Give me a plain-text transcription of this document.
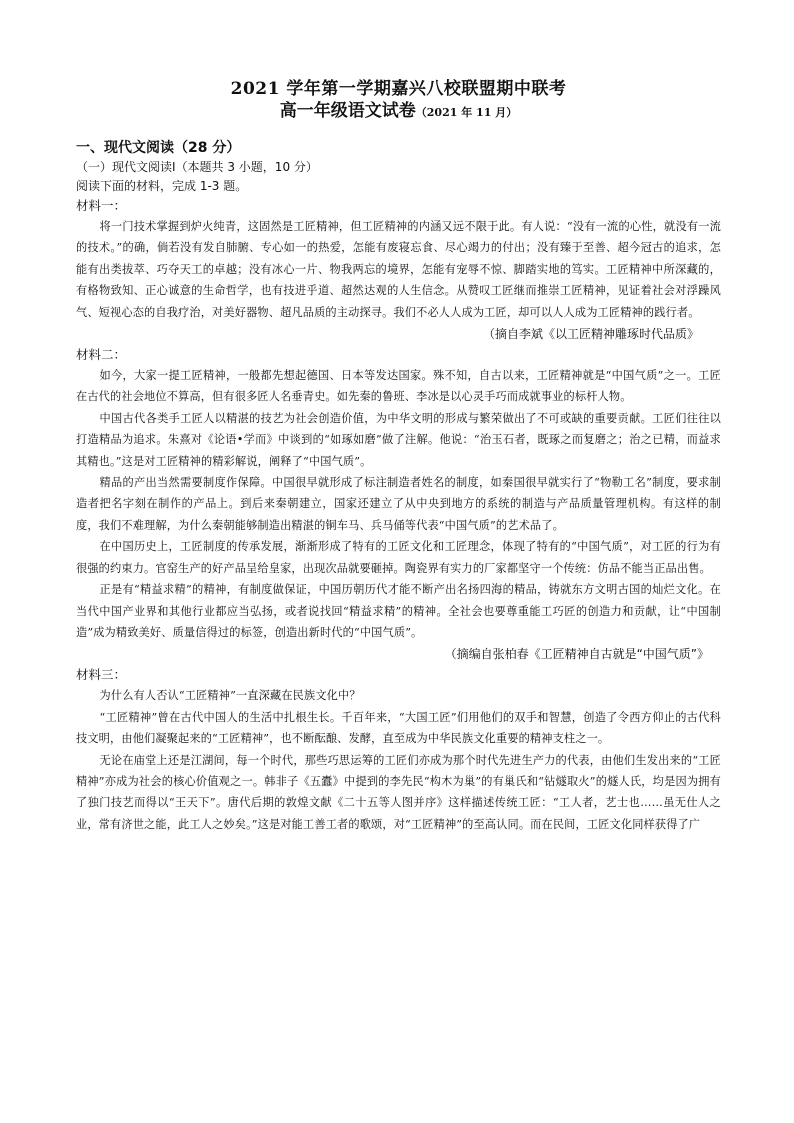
2021 学年第一学期嘉兴八校联盟期中联考

高一年级语文试卷（2021 年 11 月）

一、现代文阅读（28 分）

（一）现代文阅读Ⅰ（本题共 3 小题，10 分）

阅读下面的材料，完成 1-3 题。

材料一：

将一门技术掌握到炉火纯青，这固然是工匠精神，但工匠精神的内涵又远不限于此。有人说：“没有一流的心性，就没有一流的技术。”的确，倘若没有发自肺腑、专心如一的热爱，怎能有废寝忘食、尽心竭力的付出；没有臻于至善、超今冠古的追求，怎能有出类拔萃、巧夺天工的卓越；没有冰心一片、物我两忘的境界，怎能有宠辱不惊、脚踏实地的笃实。工匠精神中所深藏的，有格物致知、正心诚意的生命哲学，也有技进乎道、超然达观的人生信念。从赞叹工匠继而推崇工匠精神，见证着社会对浮躁风气、短视心态的自我疗治，对美好器物、超凡品质的主动探寻。我们不必人人成为工匠，却可以人人成为工匠精神的践行者。

（摘自李斌《以工匠精神雕琢时代品质》

材料二：

如今，大家一提工匠精神，一般都先想起德国、日本等发达国家。殊不知，自古以来，工匠精神就是“中国气质”之一。工匠在古代的社会地位不算高，但有很多匠人名垂青史。如先秦的鲁班、李冰是以心灵手巧而成就事业的标杆人物。

中国古代各类手工匠人以精湛的技艺为社会创造价值，为中华文明的形成与繁荣做出了不可或缺的重要贡献。工匠们往往以打造精品为追求。朱熹对《论语•学而》中谈到的“如琢如磨”做了注解。他说：“治玉石者，既琢之而复磨之；治之已精，而益求其精也。”这是对工匠精神的精彩解说，阐释了“中国气质”。

精品的产出当然需要制度作保障。中国很早就形成了标注制造者姓名的制度，如秦国很早就实行了“物勒工名”制度，要求制造者把名字刻在制作的产品上。到后来秦朝建立，国家还建立了从中央到地方的系统的制造与产品质量管理机构。有这样的制度，我们不难理解，为什么秦朝能够制造出精湛的铜车马、兵马俑等代表“中国气质”的艺术品了。

在中国历史上，工匠制度的传承发展，渐渐形成了特有的工匠文化和工匠理念，体现了特有的“中国气质”，对工匠的行为有很强的约束力。官窑生产的好产品呈给皇家，出现次品就要砸掉。陶瓷界有实力的厂家都坚守一个传统：仿品不能当正品出售。

正是有“精益求精”的精神，有制度做保证，中国历朝历代才能不断产出名扬四海的精品，铸就东方文明古国的灿烂文化。在当代中国产业界和其他行业都应当弘扬，或者说找回“精益求精”的精神。全社会也要尊重能工巧匠的创造力和贡献，让“中国制造”成为精致美好、质量信得过的标签，创造出新时代的“中国气质”。

（摘编自张柏春《工匠精神自古就是“中国气质”》

材料三：

为什么有人否认“工匠精神”一直深藏在民族文化中？

“工匠精神”曾在古代中国人的生活中扎根生长。千百年来，“大国工匠”们用他们的双手和智慧，创造了令西方仰止的古代科技文明，由他们凝聚起来的“工匠精神”，也不断酝酿、发酵，直至成为中华民族文化重要的精神支柱之一。

无论在庙堂上还是江湖间，每一个时代，那些巧思运筹的工匠们亦成为那个时代先进生产力的代表，由他们生发出来的“工匠精神”亦成为社会的核心价值观之一。韩非子《五蠹》中提到的李先民“构木为巢”的有巢氏和“钻燧取火”的燧人氏，均是因为拥有了独门技艺而得以“王天下”。唐代后期的敦煌文献《二十五等人图并序》这样描述传统工匠：“工人者，艺士也……虽无仕人之业，常有济世之能，此工人之妙矣。”这是对能工善工者的歌颂，对“工匠精神”的至高认同。而在民间，工匠文化同样获得了广
